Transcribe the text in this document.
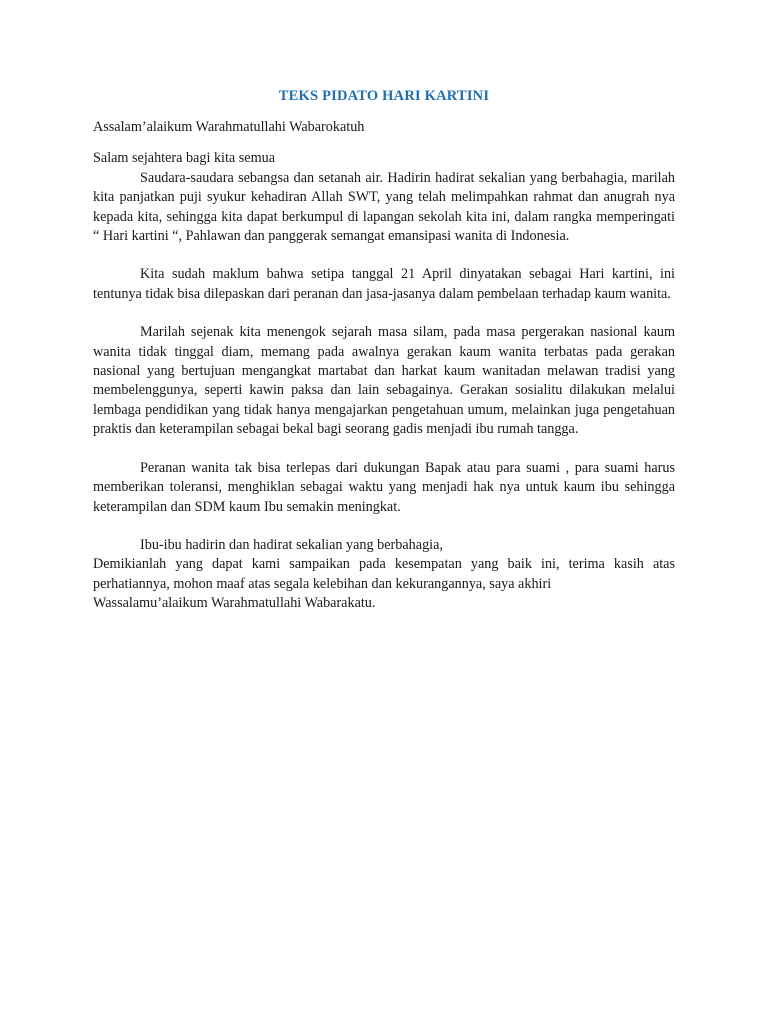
TEKS PIDATO HARI KARTINI

Assalam’alaikum Warahmatullahi Wabarokatuh

Salam sejahtera bagi kita semua

Saudara-saudara sebangsa dan setanah air. Hadirin hadirat sekalian yang berbahagia, marilah kita panjatkan puji syukur kehadiran Allah SWT, yang telah melimpahkan rahmat dan anugrah nya kepada kita, sehingga kita dapat berkumpul di lapangan sekolah kita ini, dalam rangka memperingati “ Hari kartini “, Pahlawan dan panggerak semangat emansipasi wanita di Indonesia.

Kita sudah maklum bahwa setipa tanggal 21 April dinyatakan sebagai Hari kartini, ini tentunya tidak bisa dilepaskan dari peranan dan jasa-jasanya dalam pembelaan terhadap kaum wanita.

Marilah sejenak kita menengok sejarah masa silam, pada masa pergerakan nasional kaum wanita tidak tinggal diam, memang pada awalnya gerakan kaum wanita terbatas pada gerakan nasional yang bertujuan mengangkat martabat dan harkat kaum wanitadan melawan tradisi yang membelenggunya, seperti kawin paksa dan lain sebagainya. Gerakan sosialitu dilakukan melalui lembaga pendidikan yang tidak hanya mengajarkan pengetahuan umum, melainkan juga pengetahuan praktis dan keterampilan sebagai bekal bagi seorang gadis menjadi ibu rumah tangga.

Peranan wanita tak bisa terlepas dari dukungan Bapak atau para suami , para suami harus memberikan toleransi, menghiklan sebagai waktu yang menjadi hak nya untuk kaum ibu sehingga keterampilan dan SDM kaum Ibu semakin meningkat.

Ibu-ibu hadirin dan hadirat sekalian yang berbahagia,

Demikianlah yang dapat kami sampaikan pada kesempatan yang baik ini, terima kasih atas perhatiannya, mohon maaf atas segala kelebihan dan kekurangannya, saya akhiri

Wassalamu’alaikum Warahmatullahi Wabarakatu.
